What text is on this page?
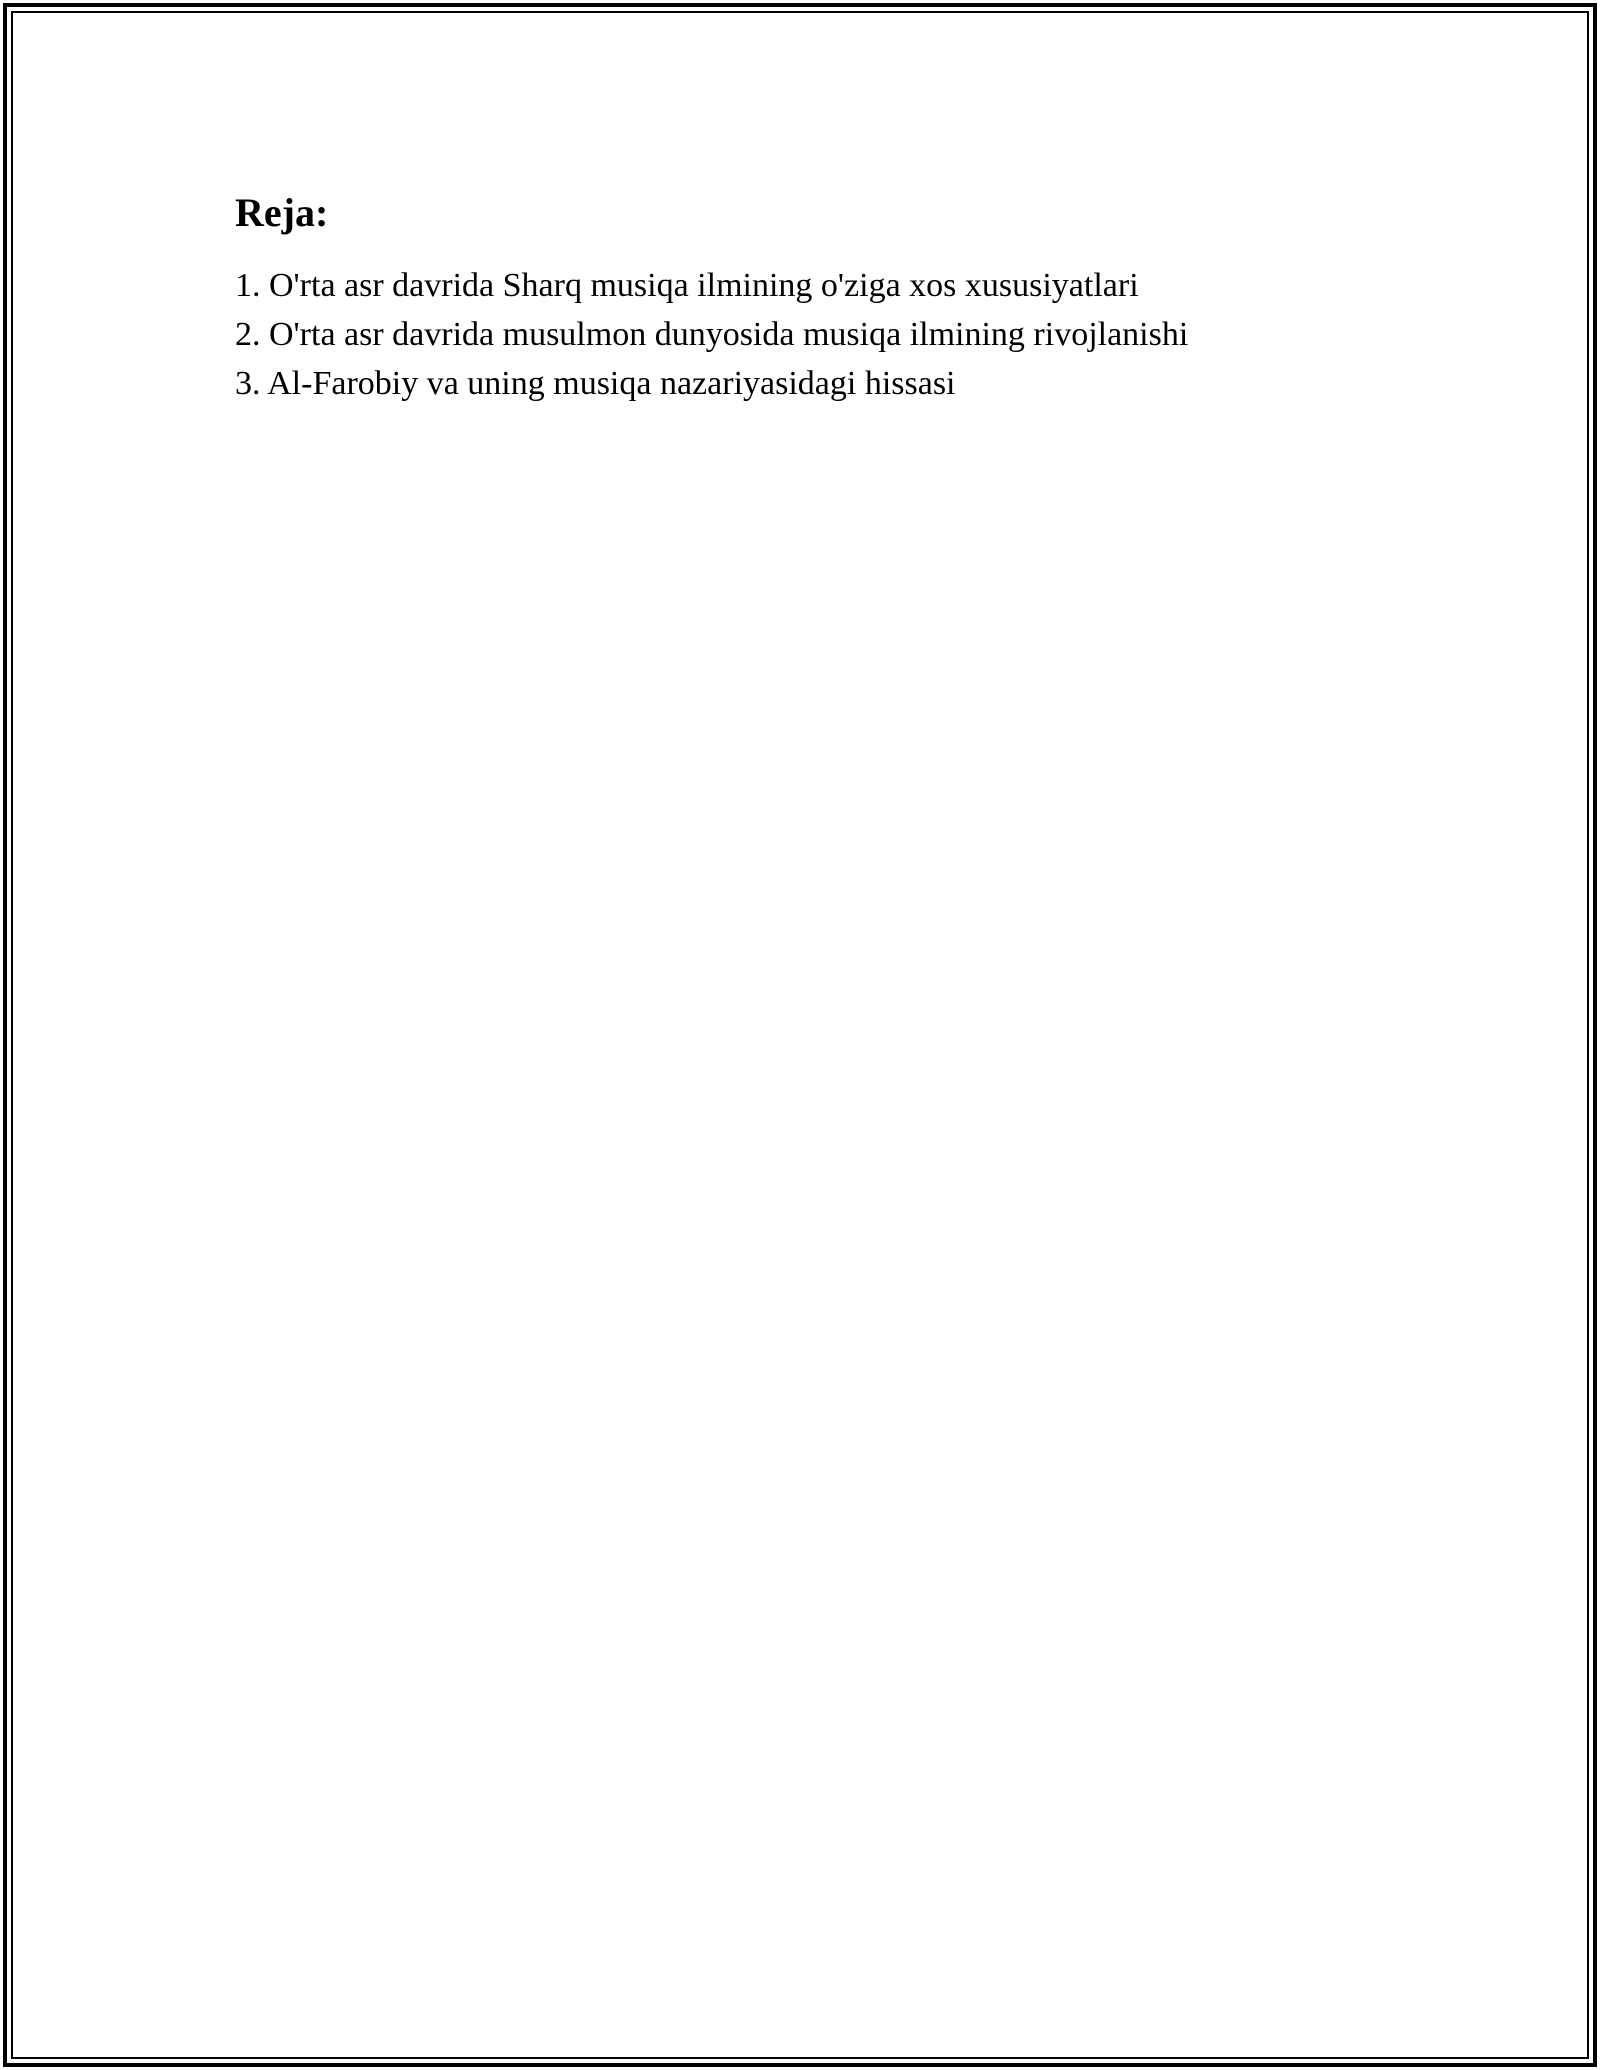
Reja:
1. O'rta asr davrida Sharq musiqa ilmining o'ziga xos xususiyatlari
2. O'rta asr davrida musulmon dunyosida musiqa ilmining rivojlanishi
3. Al-Farobiy va uning musiqa nazariyasidagi hissasi
